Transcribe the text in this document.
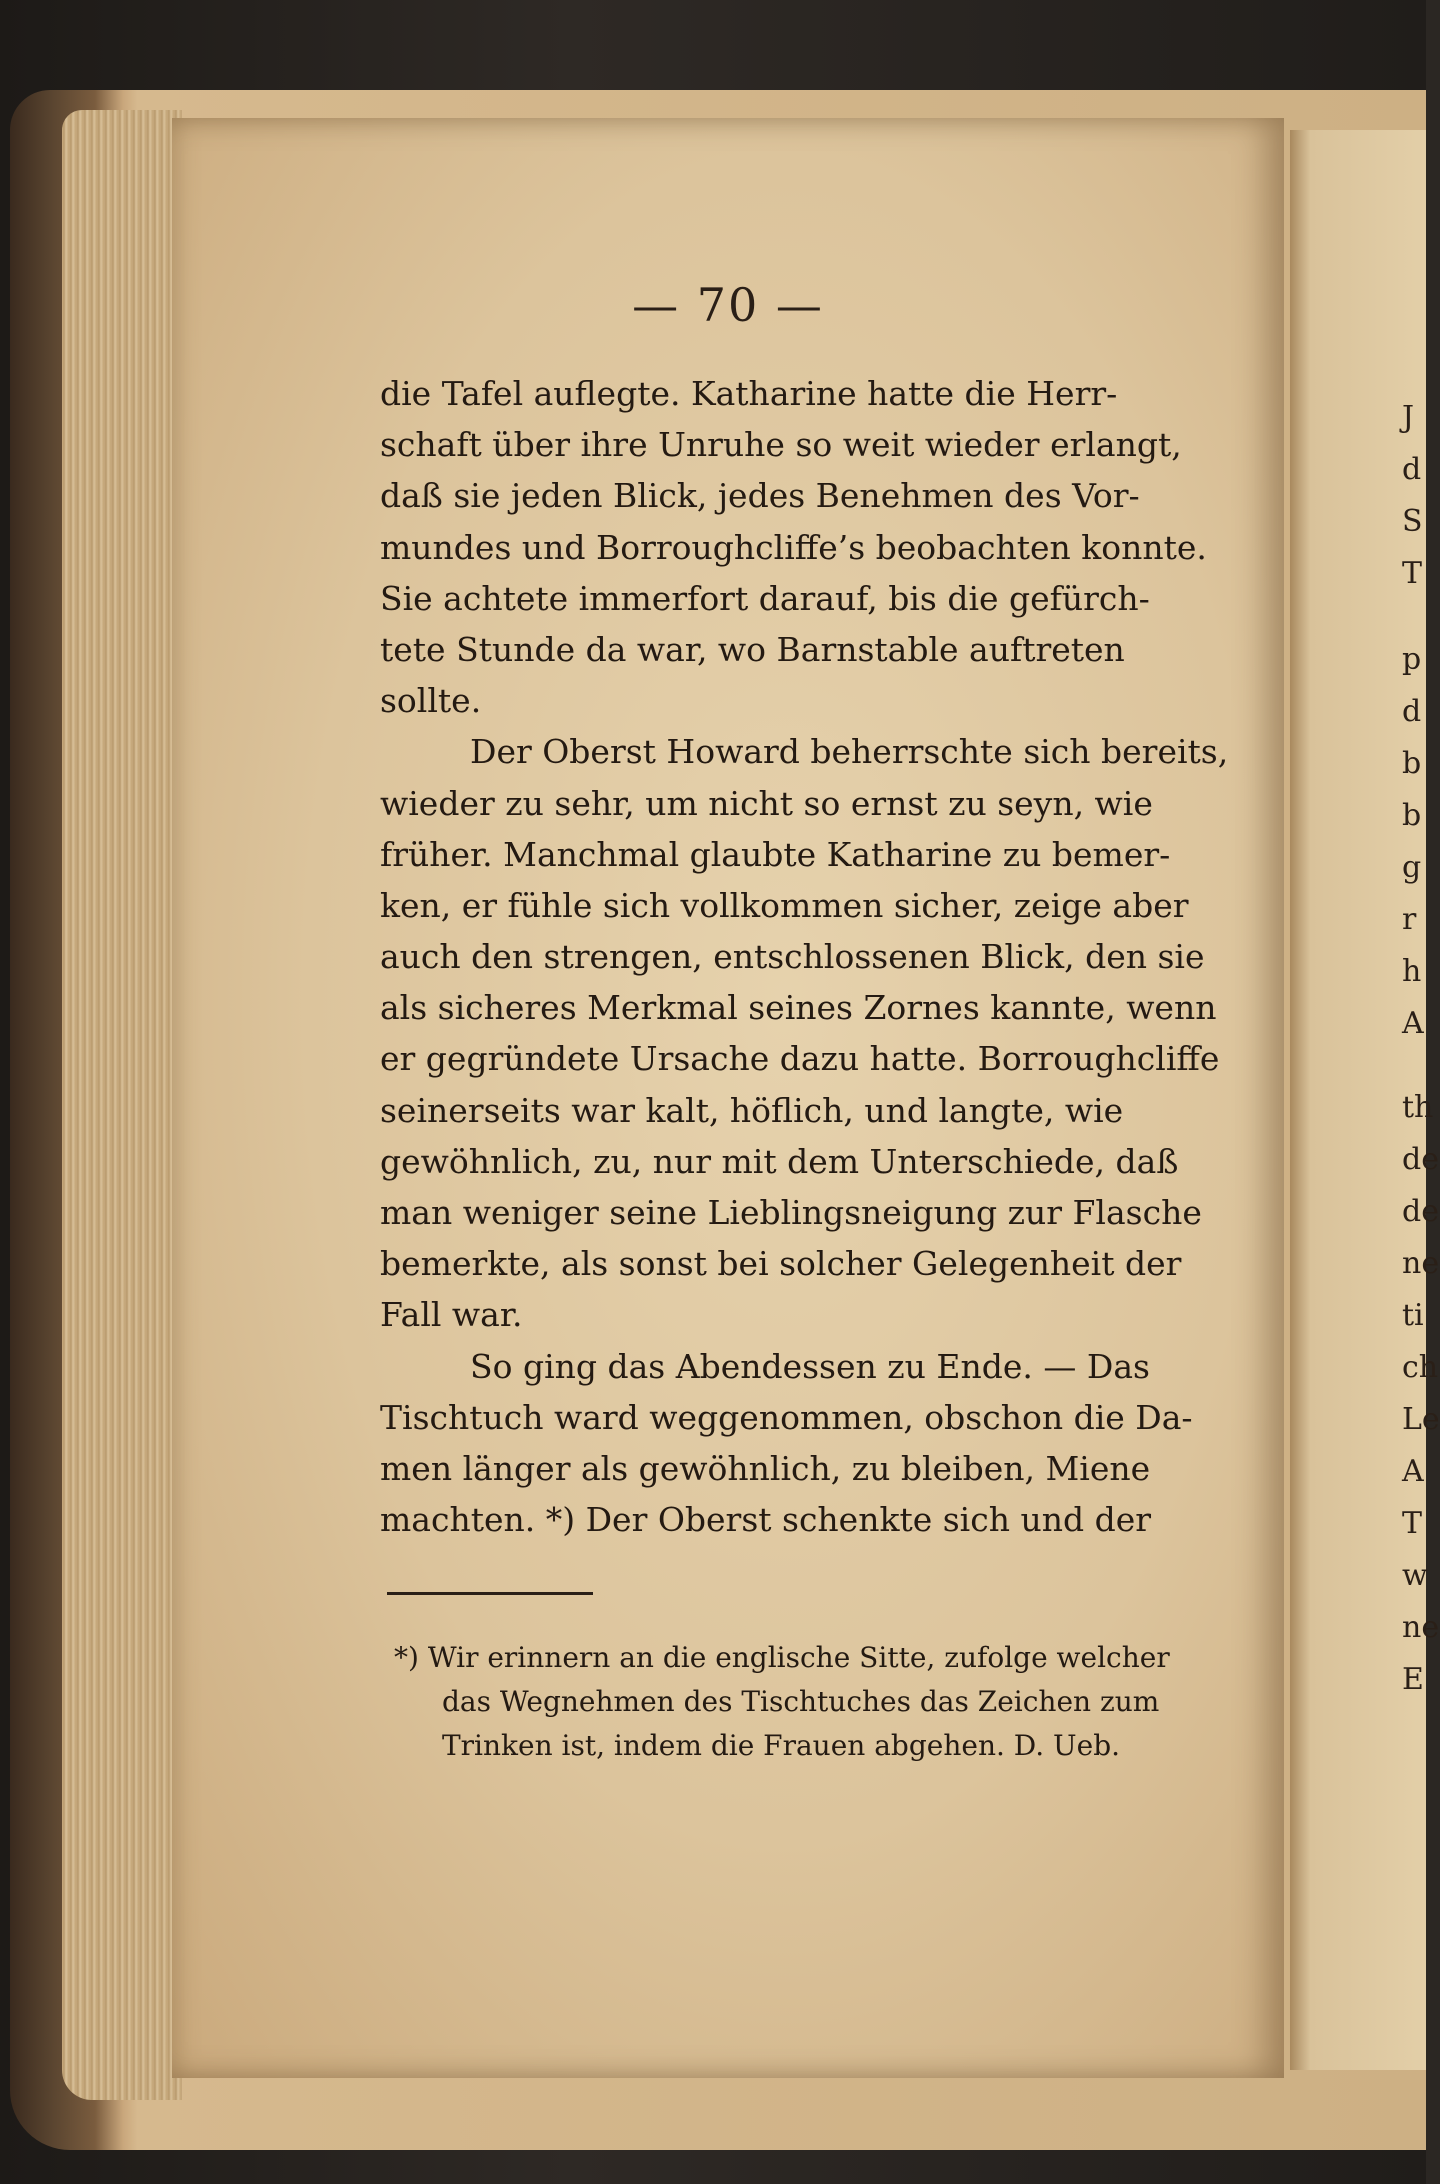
— 70 —
die Tafel auflegte. Katharine hatte die Herr-
schaft über ihre Unruhe so weit wieder erlangt,
daß sie jeden Blick, jedes Benehmen des Vor-
mundes und Borroughcliffe’s beobachten konnte.
Sie achtete immerfort darauf, bis die gefürch-
tete Stunde da war, wo Barnstable auftreten
sollte.
Der Oberst Howard beherrschte sich bereits,
wieder zu sehr, um nicht so ernst zu seyn, wie
früher. Manchmal glaubte Katharine zu bemer-
ken, er fühle sich vollkommen sicher, zeige aber
auch den strengen, entschlossenen Blick, den sie
als sicheres Merkmal seines Zornes kannte, wenn
er gegründete Ursache dazu hatte. Borroughcliffe
seinerseits war kalt, höflich, und langte, wie
gewöhnlich, zu, nur mit dem Unterschiede, daß
man weniger seine Lieblingsneigung zur Flasche
bemerkte, als sonst bei solcher Gelegenheit der
Fall war.
So ging das Abendessen zu Ende. — Das
Tischtuch ward weggenommen, obschon die Da-
men länger als gewöhnlich, zu bleiben, Miene
machten. *) Der Oberst schenkte sich und der
*) Wir erinnern an die englische Sitte, zufolge welcher
das Wegnehmen des Tischtuches das Zeichen zum
Trinken ist, indem die Frauen abgehen. D. Ueb.
J
d
S
T
p
d
b
b
g
r
h
A
th
de
de
ne
ti
ch
Le
A
T
w
ne
E
